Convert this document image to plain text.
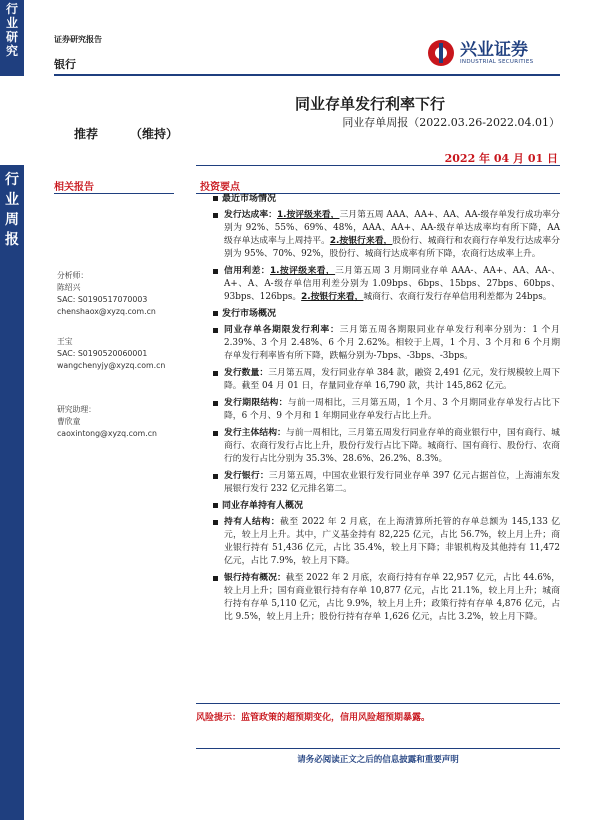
行
业
研
究
行
业
周
报
证券研究报告
银行
兴业证券
INDUSTRIAL SECURITIES
同业存单发行利率下行
同业存单周报（2022.03.26-2022.04.01）
推荐	（维持）
2022 年 04 月 01 日
相关报告
分析师：
陈绍兴
SAC: S0190517070003
chenshaox@xyzq.com.cn
王宝
SAC: S0190520060001
wangchenyjy@xyzq.com.cn
研究助理：
曹欣童
caoxintong@xyzq.com.cn
投资要点
最近市场情况
发行达成率：1.按评级来看，三月第五周 AAA、AA+、AA、AA-级存单发行成功率分别为 92%、55%、69%、48%，AAA、AA+、AA-级存单达成率均有所下降，AA 级存单达成率与上周持平。2.按银行来看，股份行、城商行和农商行存单发行达成率分别为 95%、70%、92%，股份行、城商行达成率有所下降，农商行达成率上升。
信用利差：1.按评级来看，三月第五周 3 月期同业存单 AAA-、AA+、AA、AA-、A+、A、A-级存单信用利差分别为 1.09bps、6bps、15bps、27bps、60bps、93bps、126bps。2.按银行来看，城商行、农商行发行存单信用利差都为 24bps。
发行市场概况
同业存单各期限发行利率：三月第五周各期限同业存单发行利率分别为：1 个月 2.39%、3 个月 2.48%、6 个月 2.62%。相较于上周，1 个月、3 个月和 6 个月期存单发行利率皆有所下降，跌幅分别为-7bps、-3bps、-3bps。
发行数量：三月第五周，发行同业存单 384 款，融资 2,491 亿元，发行规模较上周下降。截至 04 月 01 日，存量同业存单 16,790 款，共计 145,862 亿元。
发行期限结构：与前一周相比，三月第五周，1 个月、3 个月期同业存单发行占比下降，6 个月、9 个月和 1 年期同业存单发行占比上升。
发行主体结构：与前一周相比，三月第五周发行同业存单的商业银行中，国有商行、城商行、农商行发行占比上升，股份行发行占比下降。城商行、国有商行、股份行、农商行的发行占比分别为 35.3%、28.6%、26.2%、8.3%。
发行银行：三月第五周，中国农业银行发行同业存单 397 亿元占据首位，上海浦东发展银行发行 232 亿元排名第二。
同业存单持有人概况
持有人结构：截至 2022 年 2 月底，在上海清算所托管的存单总额为 145,133 亿元，较上月上升。其中，广义基金持有 82,225 亿元，占比 56.7%，较上月上升；商业银行持有 51,436 亿元，占比 35.4%，较上月下降；非银机构及其他持有 11,472 亿元，占比 7.9%，较上月下降。
银行持有概况：截至 2022 年 2 月底，农商行持有存单 22,957 亿元，占比 44.6%，较上月上升；国有商业银行持有存单 10,877 亿元，占比 21.1%，较上月上升；城商行持有存单 5,110 亿元，占比 9.9%，较上月上升；政策行持有存单 4,876 亿元，占比 9.5%，较上月上升；股份行持有存单 1,626 亿元，占比 3.2%，较上月下降。
风险提示：监管政策的超预期变化，信用风险超预期暴露。
请务必阅读正文之后的信息披露和重要声明
